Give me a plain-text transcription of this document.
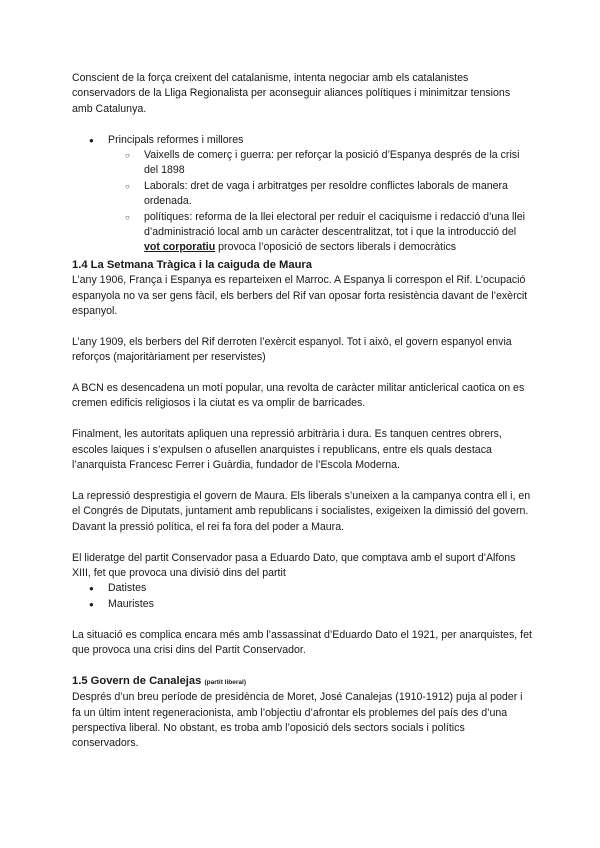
Conscient de la força creixent del catalanisme, intenta negociar amb els catalanistes conservadors de la Lliga Regionalista per aconseguir aliances polítiques i minimitzar tensions amb Catalunya.

● Principals reformes i millores
○ Vaixells de comerç i guerra: per reforçar la posició d’Espanya després de la crisi del 1898
○ Laborals: dret de vaga i arbitratges per resoldre conflictes laborals de manera ordenada.
○ polítiques: reforma de la llei electoral per reduir el caciquisme i redacció d’una llei d’administració local amb un caràcter descentralitzat, tot i que la introducció del vot corporatiu provoca l’oposició de sectors liberals i democràtics

1.4 La Setmana Tràgica i la caiguda de Maura

L’any 1906, França i Espanya es reparteixen el Marroc. A Espanya li correspon el Rif. L’ocupació espanyola no va ser gens fàcil, els berbers del Rif van oposar forta resistència davant de l’exèrcit espanyol.

L’any 1909, els berbers del Rif derroten l’exèrcit espanyol. Tot i això, el govern espanyol envia reforços (majoritàriament per reservistes)

A BCN es desencadena un motí popular, una revolta de caràcter militar anticlerical caotica on es cremen edificis religiosos i la ciutat es va omplir de barricades.

Finalment, les autoritats apliquen una repressió arbitrària i dura. Es tanquen centres obrers, escoles laiques i s’expulsen o afusellen anarquistes i republicans, entre els quals destaca l’anarquista Francesc Ferrer i Guàrdia, fundador de l’Escola Moderna.

La repressió desprestigia el govern de Maura. Els liberals s’uneixen a la campanya contra ell i, en el Congrés de Diputats, juntament amb republicans i socialistes, exigeixen la dimissió del govern. Davant la pressió política, el rei fa fora del poder a Maura.

El lideratge del partit Conservador pasa a Eduardo Dato, que comptava amb el suport d’Alfons XIII, fet que provoca una divisió dins del partit

● Datistes
● Mauristes

La situació es complica encara més amb l’assassinat d’Eduardo Dato el 1921, per anarquistes, fet que provoca una crisi dins del Partit Conservador.

1.5 Govern de Canalejas (partit liberal)

Després d’un breu període de presidència de Moret, José Canalejas (1910-1912) puja al poder i fa un últim intent regeneracionista, amb l’objectiu d’afrontar els problemes del país des d’una perspectiva liberal. No obstant, es troba amb l’oposició dels sectors socials i polítics conservadors.
